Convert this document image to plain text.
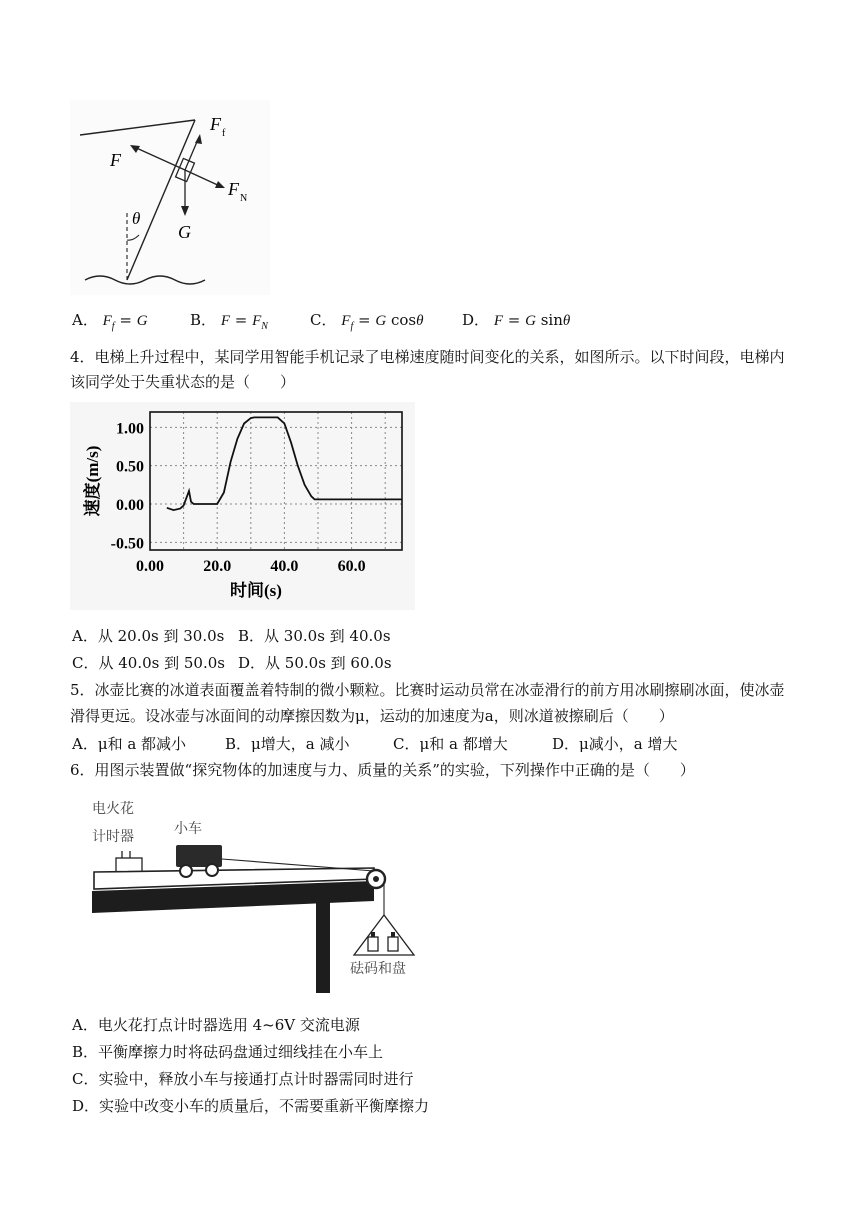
F f
F
F N
G
θ
A． $F_f = G$	B． $F = F_N$	C． $F_f = G$ cosθ	D． F = G sinθ
4．电梯上升过程中，某同学用智能手机记录了电梯速度随时间变化的关系，如图所示。以下时间段，电梯内
该同学处于失重状态的是（　　）
1.00
0.50
0.00
-0.50
0.00 20.0 40.0 60.0
时间(s)
速度(m/s)
A．从 20.0s 到 30.0s B．从 30.0s 到 40.0s
C．从 40.0s 到 50.0s D．从 50.0s 到 60.0s
5．冰壶比赛的冰道表面覆盖着特制的微小颗粒。比赛时运动员常在冰壶滑行的前方用冰刷擦刷冰面，使冰壶
滑得更远。设冰壶与冰面间的动摩擦因数为μ，运动的加速度为a，则冰道被擦刷后（　　）
A．μ和 a 都减小	B．μ增大，a 减小	C．μ和 a 都增大	D．μ减小，a 增大
6．用图示装置做“探究物体的加速度与力、质量的关系”的实验，下列操作中正确的是（　　）
电火花
计时器
小车
砝码和盘
A．电火花打点计时器选用 4~6V 交流电源
B．平衡摩擦力时将砝码盘通过细线挂在小车上
C．实验中，释放小车与接通打点计时器需同时进行
D．实验中改变小车的质量后，不需要重新平衡摩擦力
